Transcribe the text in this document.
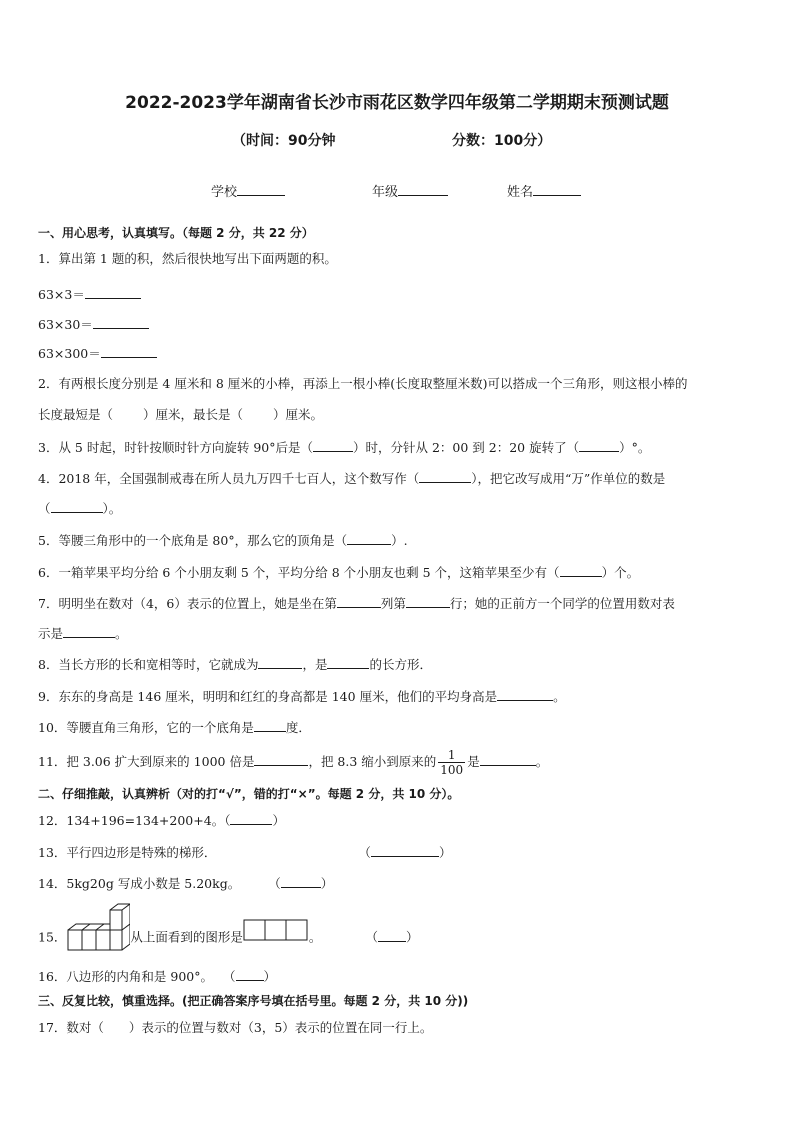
2022-2023学年湖南省长沙市雨花区数学四年级第二学期期末预测试题
（时间：90分钟	分数：100分）
学校	年级	姓名
一、用心思考，认真填写。（每题 2 分，共 22 分）
1．算出第 1 题的积，然后很快地写出下面两题的积。
63×3＝
63×30＝
63×300＝
2．有两根长度分别是 4 厘米和 8 厘米的小棒，再添上一根小棒(长度取整厘米数)可以搭成一个三角形，则这根小棒的
长度最短是（　 ）厘米，最长是（ ）厘米。
3．从 5 时起，时针按顺时针方向旋转 90°后是（	）时，分针从 2：00 到 2：20 旋转了（	）°。
4．2018 年，全国强制戒毒在所人员九万四千七百人，这个数写作（	），把它改写成用“万”作单位的数是
（	）。
5．等腰三角形中的一个底角是 80°，那么它的顶角是（	）.
6．一箱苹果平均分给 6 个小朋友剩 5 个，平均分给 8 个小朋友也剩 5 个，这箱苹果至少有（	）个。
7．明明坐在数对（4，6）表示的位置上，她是坐在第	列第	行；她的正前方一个同学的位置用数对表
示是	。
8．当长方形的长和宽相等时，它就成为	，是	的长方形．
9．东东的身高是 146 厘米，明明和红红的身高都是 140 厘米，他们的平均身高是	。
10．等腰直角三角形，它的一个底角是	度．
11．把 3.06 扩大到原来的 1000 倍是	，把 8.3 缩小到原来的 $\frac{1}{100}$ 是	。
二、仔细推敲，认真辨析（对的打“√”，错的打“×”。每题 2 分，共 10 分）。
12．134+196=134+200+4。（	）
13．平行四边形是特殊的梯形．	（	）
14．5kg20g 写成小数是 5.20kg。 （	）
15．	从上面看到的图形是	。	（ ）
16．八边形的内角和是 900°。 （ ）
三、反复比较，慎重选择。(把正确答案序号填在括号里。每题 2 分，共 10 分))
17．数对（　　）表示的位置与数对（3，5）表示的位置在同一行上。
